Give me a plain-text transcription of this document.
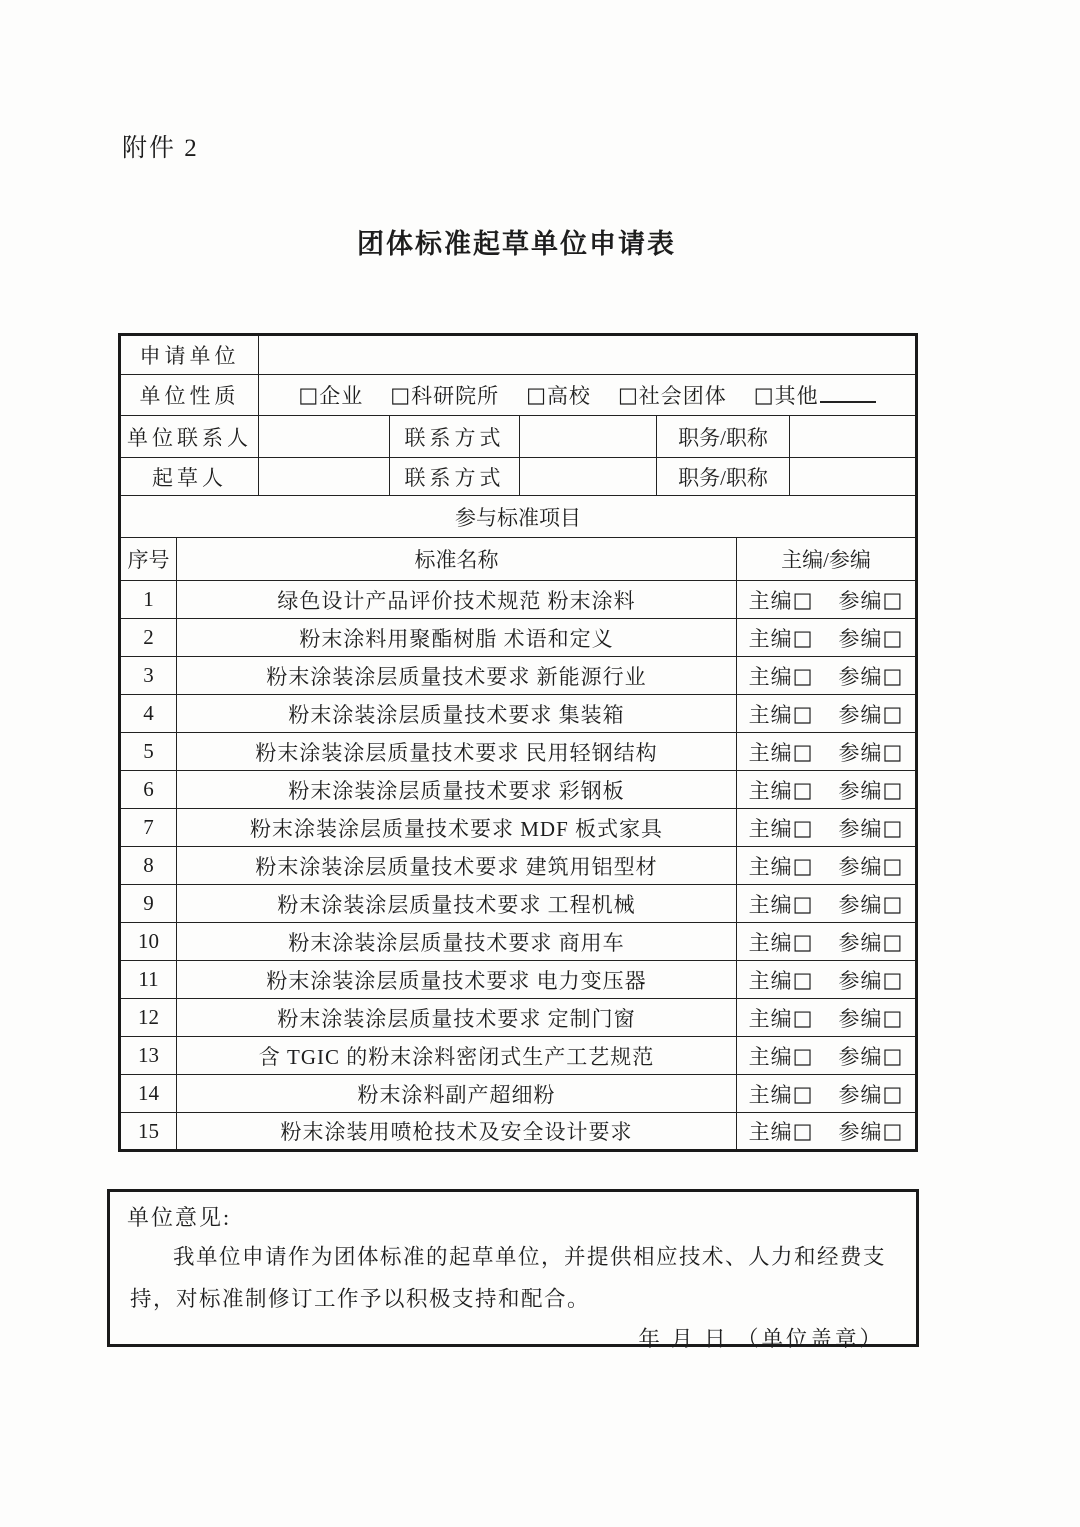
附件 2
团体标准起草单位申请表
申请单位							
单位性质		□企业 □科研院所 □高校 □社会团体 □其他					
单位联系人			联系方式		职务/职称		
起草人			联系方式		职务/职称		
参与标准项目							
序号	标准名称					主编/参编	
1	绿色设计产品评价技术规范 粉末涂料					主编□ 参编□	
2	粉末涂料用聚酯树脂 术语和定义					主编□ 参编□	
3	粉末涂装涂层质量技术要求 新能源行业					主编□ 参编□	
4	粉末涂装涂层质量技术要求 集装箱					主编□ 参编□	
5	粉末涂装涂层质量技术要求 民用轻钢结构					主编□ 参编□	
6	粉末涂装涂层质量技术要求 彩钢板					主编□ 参编□	
7	粉末涂装涂层质量技术要求 MDF 板式家具					主编□ 参编□	
8	粉末涂装涂层质量技术要求 建筑用铝型材					主编□ 参编□	
9	粉末涂装涂层质量技术要求 工程机械					主编□ 参编□	
10	粉末涂装涂层质量技术要求 商用车					主编□ 参编□	
11	粉末涂装涂层质量技术要求 电力变压器					主编□ 参编□	
12	粉末涂装涂层质量技术要求 定制门窗					主编□ 参编□	
13	含 TGIC 的粉末涂料密闭式生产工艺规范					主编□ 参编□	
14	粉末涂料副产超细粉					主编□ 参编□	
15	粉末涂装用喷枪技术及安全设计要求					主编□ 参编□	
单位意见:
我单位申请作为团体标准的起草单位，并提供相应技术、人力和经费支持，对标准制修订工作予以积极支持和配合。
年 月 日 （单位盖章）
